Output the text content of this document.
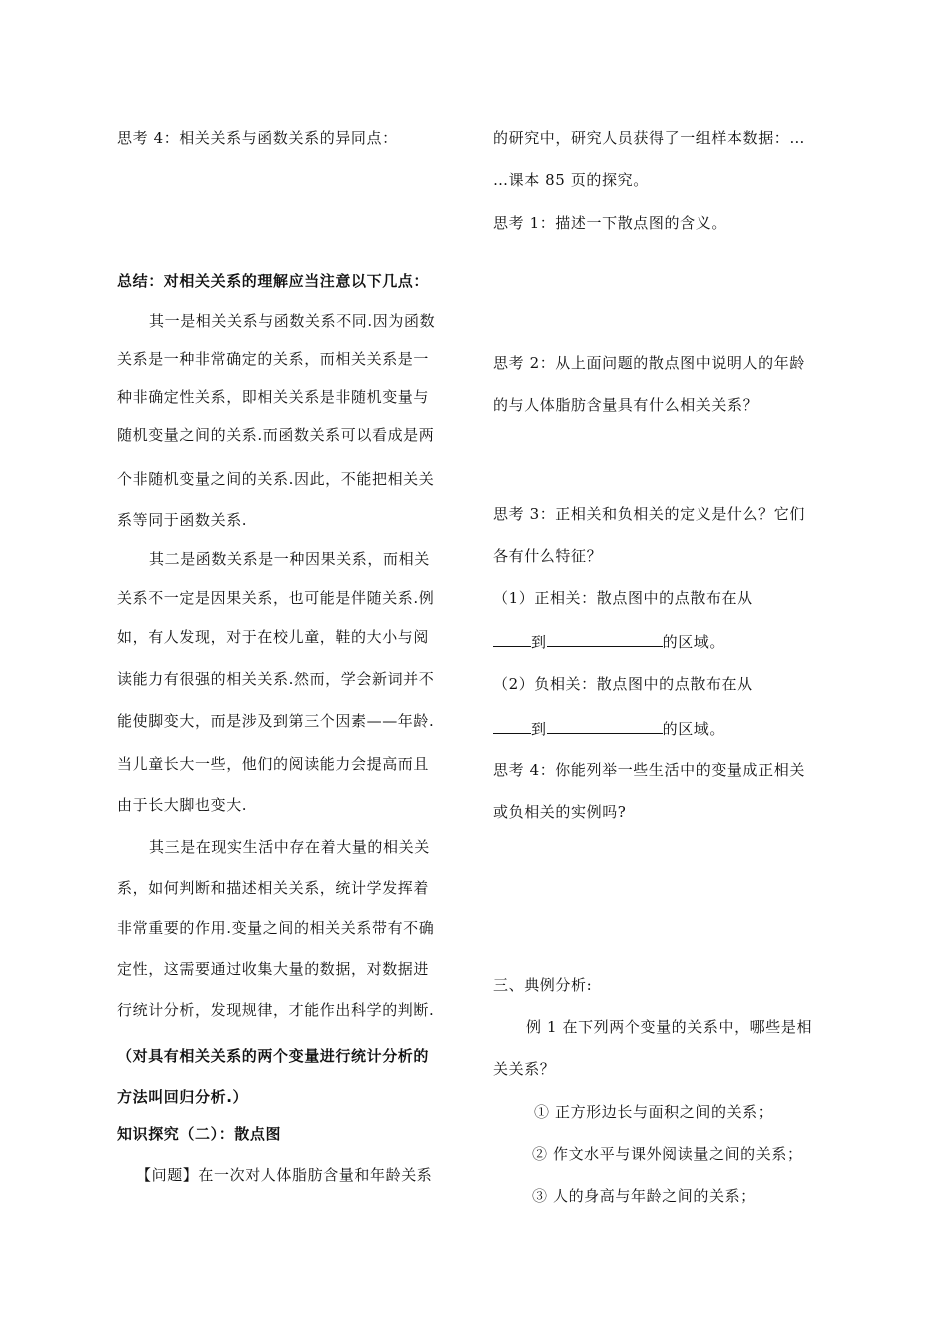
思考 4：相关关系与函数关系的异同点：
总结：对相关关系的理解应当注意以下几点：
其一是相关关系与函数关系不同.因为函数
关系是一种非常确定的关系，而相关关系是一
种非确定性关系，即相关关系是非随机变量与
随机变量之间的关系.而函数关系可以看成是两
个非随机变量之间的关系.因此，不能把相关关
系等同于函数关系.
其二是函数关系是一种因果关系，而相关
关系不一定是因果关系，也可能是伴随关系.例
如，有人发现，对于在校儿童，鞋的大小与阅
读能力有很强的相关关系.然而，学会新词并不
能使脚变大，而是涉及到第三个因素——年龄.
当儿童长大一些，他们的阅读能力会提高而且
由于长大脚也变大.
其三是在现实生活中存在着大量的相关关
系，如何判断和描述相关关系，统计学发挥着
非常重要的作用.变量之间的相关关系带有不确
定性，这需要通过收集大量的数据，对数据进
行统计分析，发现规律，才能作出科学的判断.
（对具有相关关系的两个变量进行统计分析的
方法叫回归分析.）
知识探究（二）：散点图
【问题】在一次对人体脂肪含量和年龄关系
的研究中，研究人员获得了一组样本数据：…
…课本 85 页的探究。
思考 1：描述一下散点图的含义。
思考 2：从上面问题的散点图中说明人的年龄
的与人体脂肪含量具有什么相关关系？
思考 3：正相关和负相关的定义是什么？它们
各有什么特征？
（1）正相关：散点图中的点散布在从
到	的区域。
（2）负相关：散点图中的点散布在从
到	的区域。
思考 4：你能列举一些生活中的变量成正相关
或负相关的实例吗?
三、典例分析:
例 1 在下列两个变量的关系中，哪些是相
关关系？
① 正方形边长与面积之间的关系；
② 作文水平与课外阅读量之间的关系；
③ 人的身高与年龄之间的关系；
